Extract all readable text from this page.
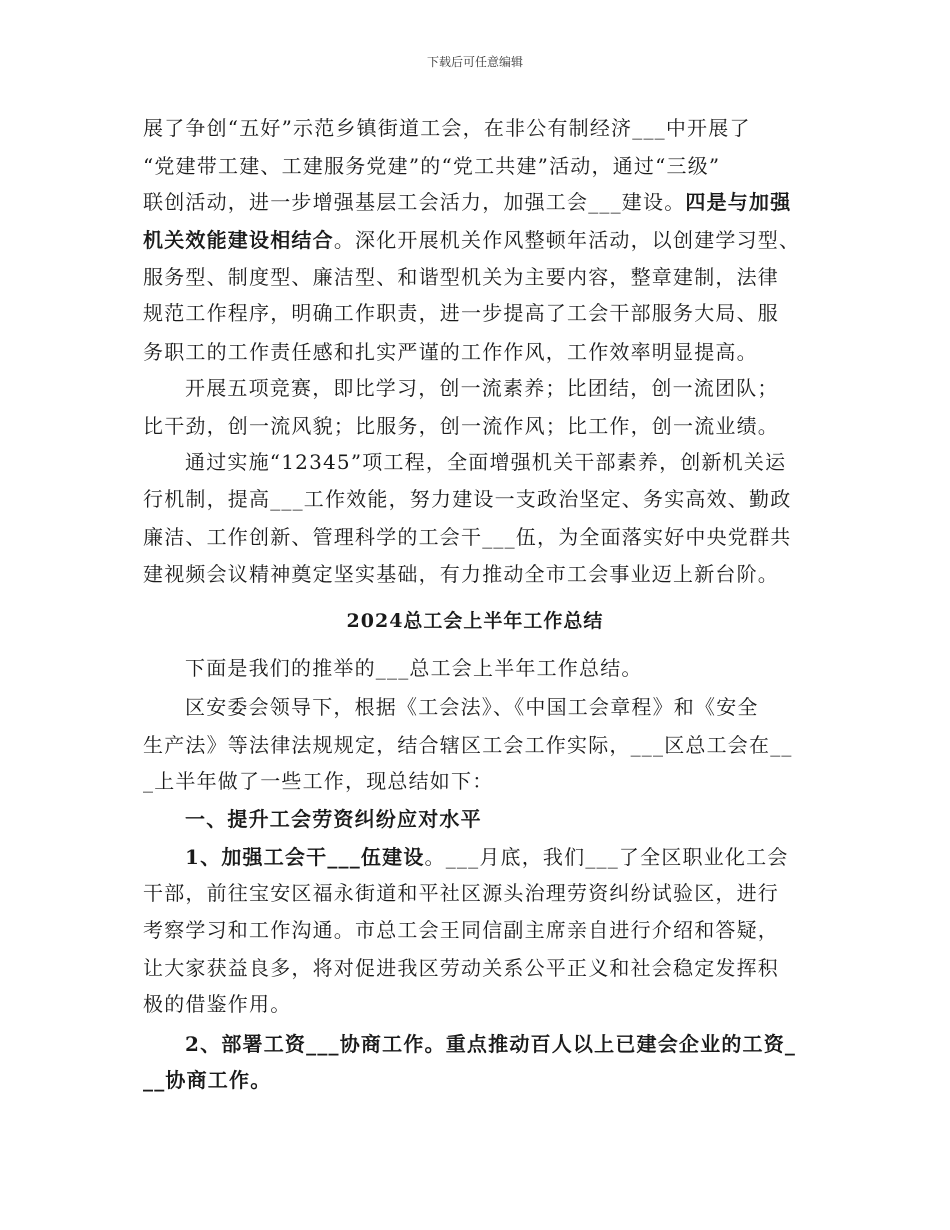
下载后可任意编辑
展了争创“五好”示范乡镇街道工会，在非公有制经济___中开展了
“党建带工建、工建服务党建”的“党工共建”活动，通过“三级”
联创活动，进一步增强基层工会活力，加强工会___建设。四是与加强
机关效能建设相结合。深化开展机关作风整顿年活动，以创建学习型、
服务型、制度型、廉洁型、和谐型机关为主要内容，整章建制，法律
规范工作程序，明确工作职责，进一步提高了工会干部服务大局、服
务职工的工作责任感和扎实严谨的工作作风，工作效率明显提高。
开展五项竞赛，即比学习，创一流素养；比团结，创一流团队；
比干劲，创一流风貌；比服务，创一流作风；比工作，创一流业绩。
通过实施“12345”项工程，全面增强机关干部素养，创新机关运
行机制，提高___工作效能，努力建设一支政治坚定、务实高效、勤政
廉洁、工作创新、管理科学的工会干___伍，为全面落实好中央党群共
建视频会议精神奠定坚实基础，有力推动全市工会事业迈上新台阶。
2024总工会上半年工作总结
下面是我们的推举的___总工会上半年工作总结。
区安委会领导下，根据《工会法》、《中国工会章程》和《安全
生产法》等法律法规规定，结合辖区工会工作实际，___区总工会在__
_上半年做了一些工作，现总结如下：
一、提升工会劳资纠纷应对水平
1、加强工会干___伍建设。___月底，我们___了全区职业化工会
干部，前往宝安区福永街道和平社区源头治理劳资纠纷试验区，进行
考察学习和工作沟通。市总工会王同信副主席亲自进行介绍和答疑，
让大家获益良多，将对促进我区劳动关系公平正义和社会稳定发挥积
极的借鉴作用。
2、部署工资___协商工作。重点推动百人以上已建会企业的工资_
__协商工作。
